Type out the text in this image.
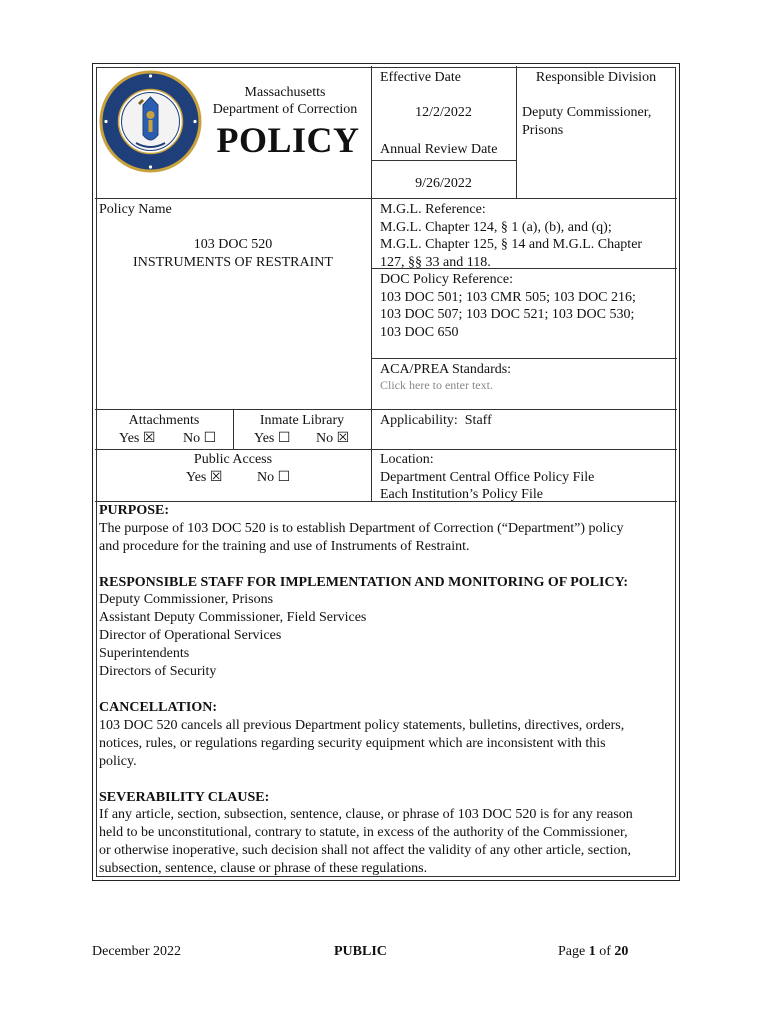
Massachusetts
Department of Correction
POLICY
Effective Date
12/2/2022
Annual Review Date
9/26/2022
Responsible Division
Deputy Commissioner,
Prisons
Policy Name
103 DOC 520
INSTRUMENTS OF RESTRAINT
M.G.L. Reference:
M.G.L. Chapter 124, § 1 (a), (b), and (q);
M.G.L. Chapter 125, § 14 and M.G.L. Chapter
127, §§ 33 and 118.
DOC Policy Reference:
103 DOC 501; 103 CMR 505; 103 DOC 216;
103 DOC 507; 103 DOC 521; 103 DOC 530;
103 DOC 650
ACA/PREA Standards:
Click here to enter text.
Attachments
Yes ☒ No ☐
Inmate Library
Yes ☐ No ☒
Public Access
Yes ☒ No ☐
Applicability:  Staff
Location:
Department Central Office Policy File
Each Institution’s Policy File
PURPOSE:
The purpose of 103 DOC 520 is to establish Department of Correction (“Department”) policy
and procedure for the training and use of Instruments of Restraint.
RESPONSIBLE STAFF FOR IMPLEMENTATION AND MONITORING OF POLICY:
Deputy Commissioner, Prisons
Assistant Deputy Commissioner, Field Services
Director of Operational Services
Superintendents
Directors of Security
CANCELLATION:
103 DOC 520 cancels all previous Department policy statements, bulletins, directives, orders,
notices, rules, or regulations regarding security equipment which are inconsistent with this
policy.
SEVERABILITY CLAUSE:
If any article, section, subsection, sentence, clause, or phrase of 103 DOC 520 is for any reason
held to be unconstitutional, contrary to statute, in excess of the authority of the Commissioner,
or otherwise inoperative, such decision shall not affect the validity of any other article, section,
subsection, sentence, clause or phrase of these regulations.
December 2022	PUBLIC	Page 1 of 20
